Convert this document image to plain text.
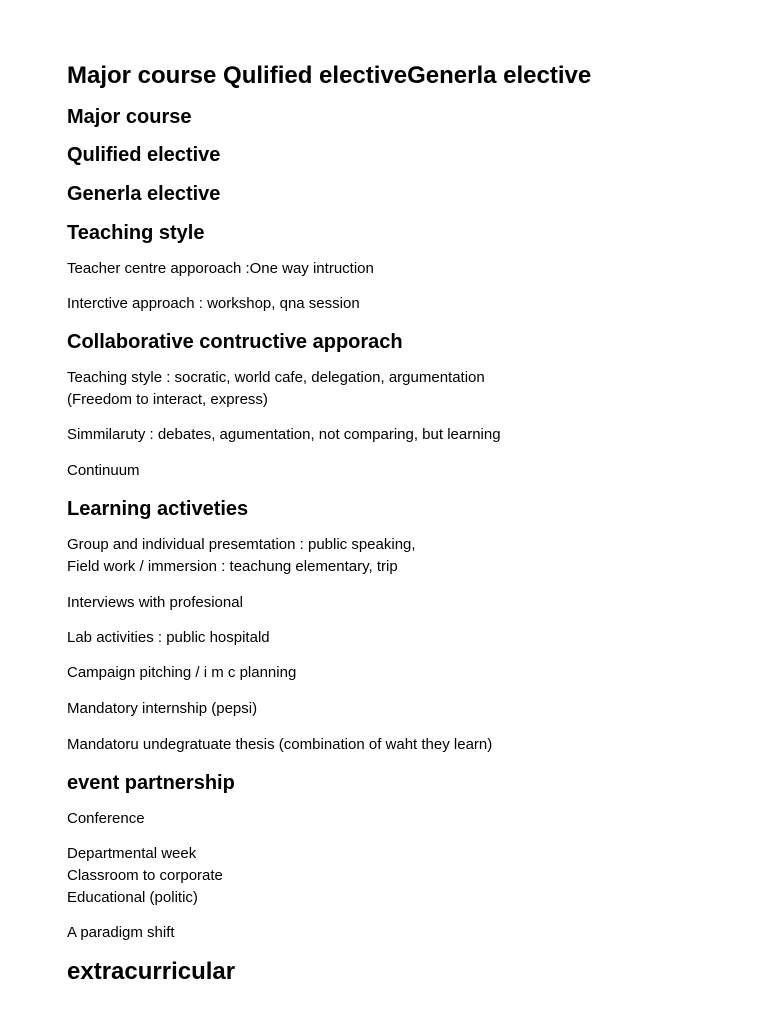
Major course Qulified electiveGenerla elective
Major course
Qulified elective
Generla elective
Teaching style
Teacher centre apporoach :One way intruction
Interctive approach : workshop, qna session
Collaborative contructive apporach
Teaching style : socratic, world cafe, delegation, argumentation
(Freedom to interact, express)
Simmilaruty : debates, agumentation, not comparing, but learning
Continuum
Learning activeties
Group and individual presemtation : public speaking,
Field work / immersion : teachung elementary, trip
Interviews with profesional
Lab activities : public hospitald
Campaign pitching / i m c planning
Mandatory internship (pepsi)
Mandatoru undegratuate thesis (combination of waht they learn)
event partnership
Conference
Departmental week
Classroom to corporate
Educational (politic)
A paradigm shift
extracurricular
